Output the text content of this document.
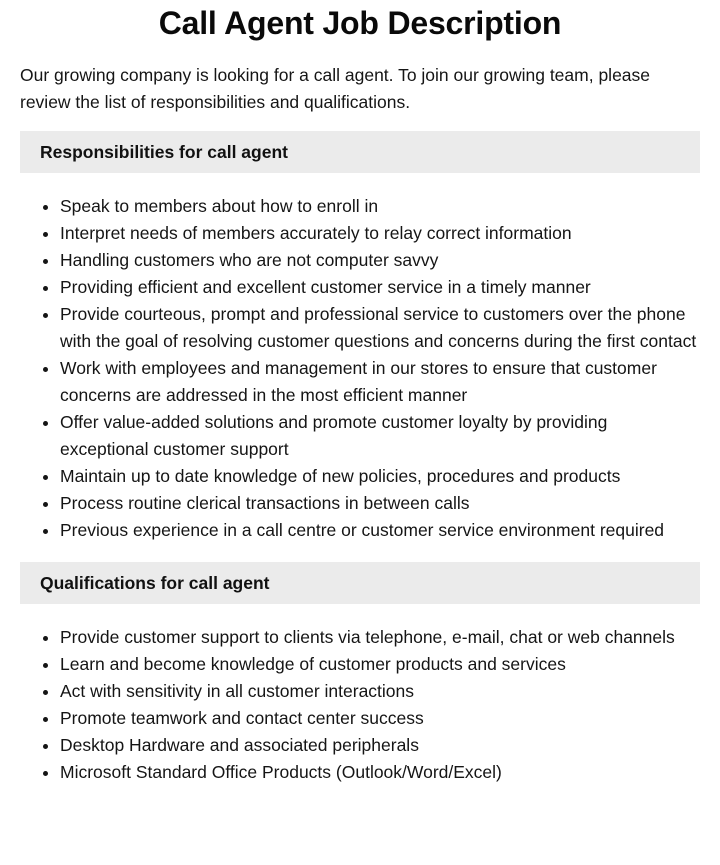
Call Agent Job Description

Our growing company is looking for a call agent. To join our growing team, please review the list of responsibilities and qualifications.

Responsibilities for call agent
Speak to members about how to enroll in
Interpret needs of members accurately to relay correct information
Handling customers who are not computer savvy
Providing efficient and excellent customer service in a timely manner
Provide courteous, prompt and professional service to customers over the phone with the goal of resolving customer questions and concerns during the first contact
Work with employees and management in our stores to ensure that customer concerns are addressed in the most efficient manner
Offer value-added solutions and promote customer loyalty by providing exceptional customer support
Maintain up to date knowledge of new policies, procedures and products
Process routine clerical transactions in between calls
Previous experience in a call centre or customer service environment required
Qualifications for call agent
Provide customer support to clients via telephone, e-mail, chat or web channels
Learn and become knowledge of customer products and services
Act with sensitivity in all customer interactions
Promote teamwork and contact center success
Desktop Hardware and associated peripherals
Microsoft Standard Office Products (Outlook/Word/Excel)
